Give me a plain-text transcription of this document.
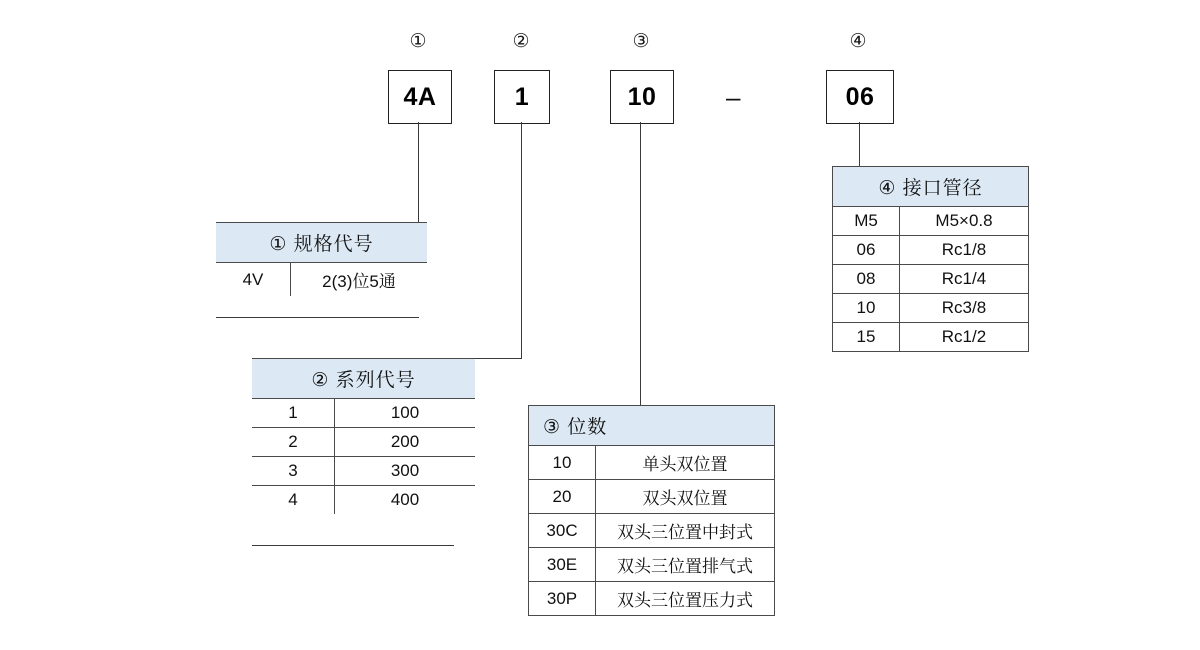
①	②	③	④
4A	1	10	–	06
① 规格代号
4V	2(3)位5通
② 系列代号	
1	100
2	200
3	300
4	400
③ 位数	
10	单头双位置
20	双头双位置
30C	双头三位置中封式
30E	双头三位置排气式
30P	双头三位置压力式
④ 接口管径	
M5	M5×0.8
06	Rc1/8
08	Rc1/4
10	Rc3/8
15	Rc1/2
